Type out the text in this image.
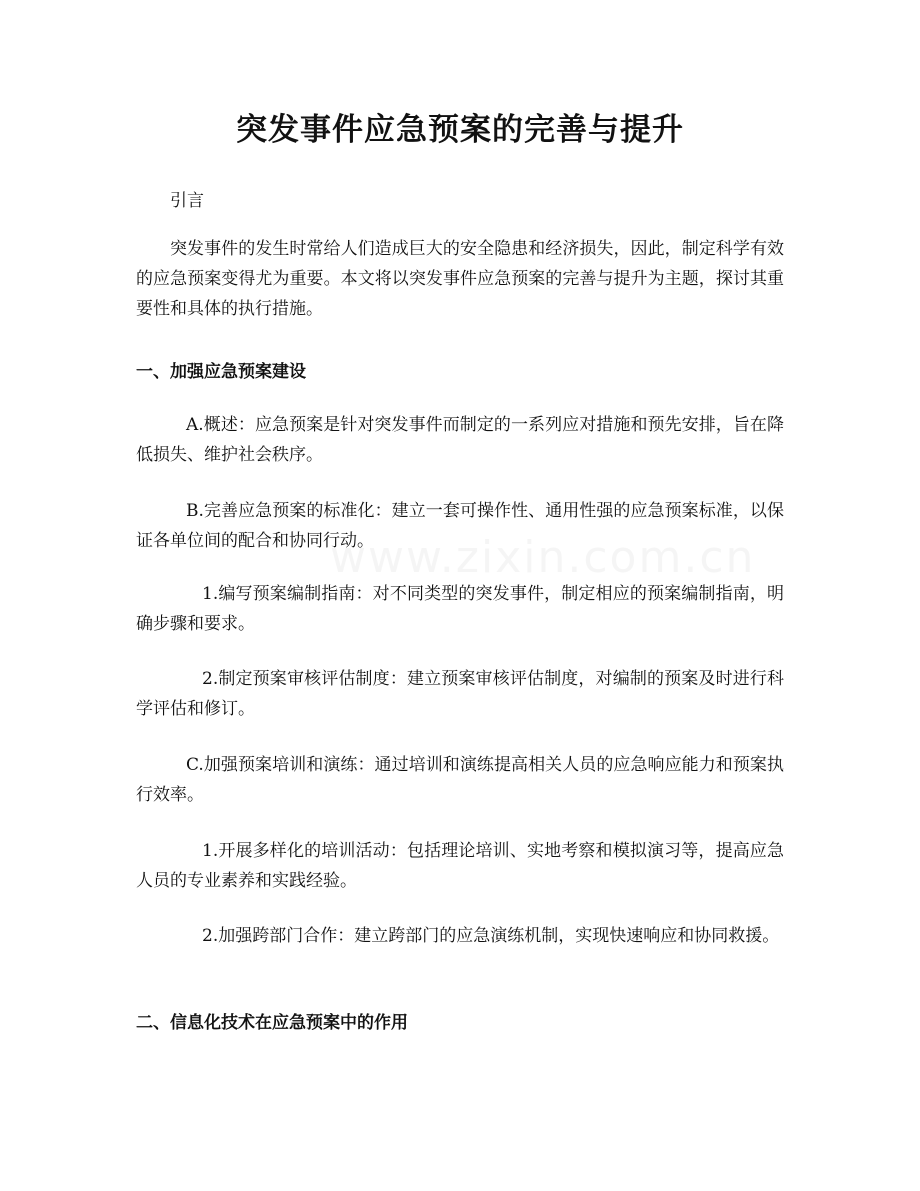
www.zixin.com.cn
突发事件应急预案的完善与提升

引言

突发事件的发生时常给人们造成巨大的安全隐患和经济损失，因此，制定科学有效的应急预案变得尤为重要。本文将以突发事件应急预案的完善与提升为主题，探讨其重要性和具体的执行措施。

一、加强应急预案建设

A.概述：应急预案是针对突发事件而制定的一系列应对措施和预先安排，旨在降低损失、维护社会秩序。

B.完善应急预案的标准化：建立一套可操作性、通用性强的应急预案标准，以保证各单位间的配合和协同行动。

1.编写预案编制指南：对不同类型的突发事件，制定相应的预案编制指南，明确步骤和要求。

2.制定预案审核评估制度：建立预案审核评估制度，对编制的预案及时进行科学评估和修订。

C.加强预案培训和演练：通过培训和演练提高相关人员的应急响应能力和预案执行效率。

1.开展多样化的培训活动：包括理论培训、实地考察和模拟演习等，提高应急人员的专业素养和实践经验。

2.加强跨部门合作：建立跨部门的应急演练机制，实现快速响应和协同救援。

二、信息化技术在应急预案中的作用
